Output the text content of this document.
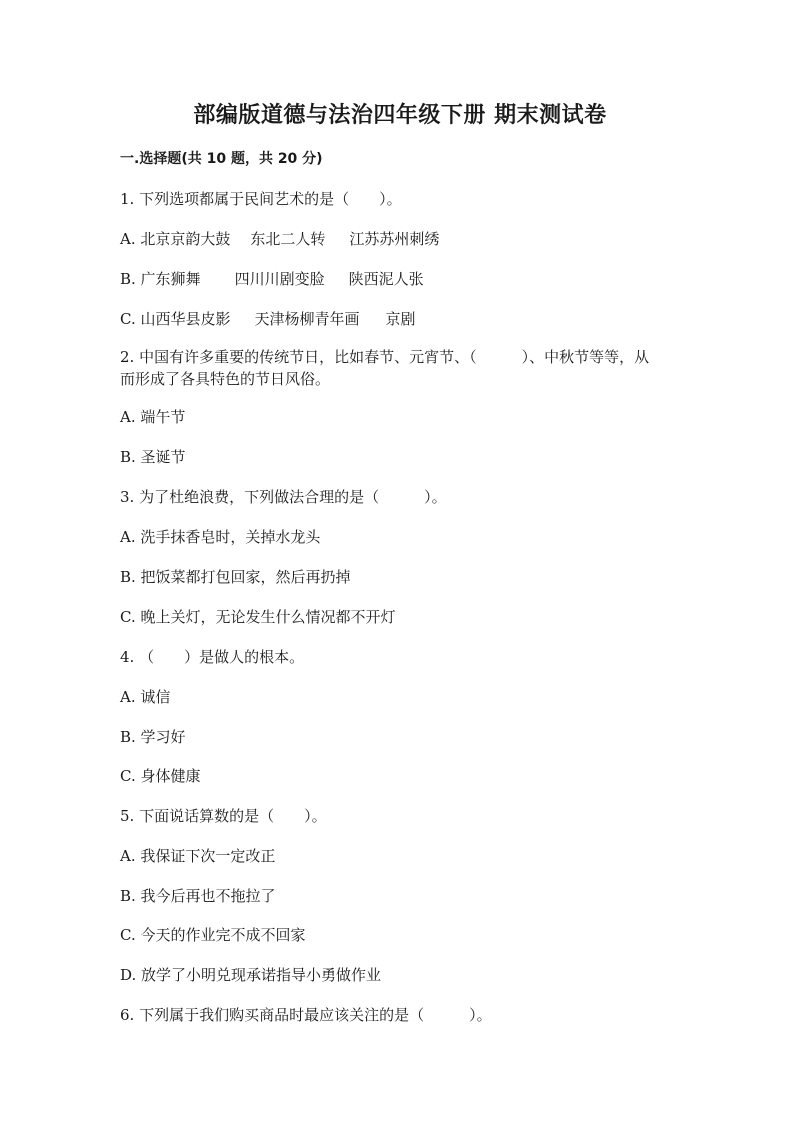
部编版道德与法治四年级下册 期末测试卷
一.选择题(共 10 题，共 20 分)
1. 下列选项都属于民间艺术的是（　　）。
A. 北京京韵大鼓 东北二人转 江苏苏州刺绣
B. 广东狮舞 四川川剧变脸 陕西泥人张
C. 山西华县皮影 天津杨柳青年画 京剧
2. 中国有许多重要的传统节日，比如春节、元宵节、（　　　）、中秋节等等，从而形成了各具特色的节日风俗。
A. 端午节
B. 圣诞节
3. 为了杜绝浪费，下列做法合理的是（　　　）。
A. 洗手抹香皂时，关掉水龙头
B. 把饭菜都打包回家，然后再扔掉
C. 晚上关灯，无论发生什么情况都不开灯
4. （　　）是做人的根本。
A. 诚信
B. 学习好
C. 身体健康
5. 下面说话算数的是（　　）。
A. 我保证下次一定改正
B. 我今后再也不拖拉了
C. 今天的作业完不成不回家
D. 放学了小明兑现承诺指导小勇做作业
6. 下列属于我们购买商品时最应该关注的是（　　　）。
